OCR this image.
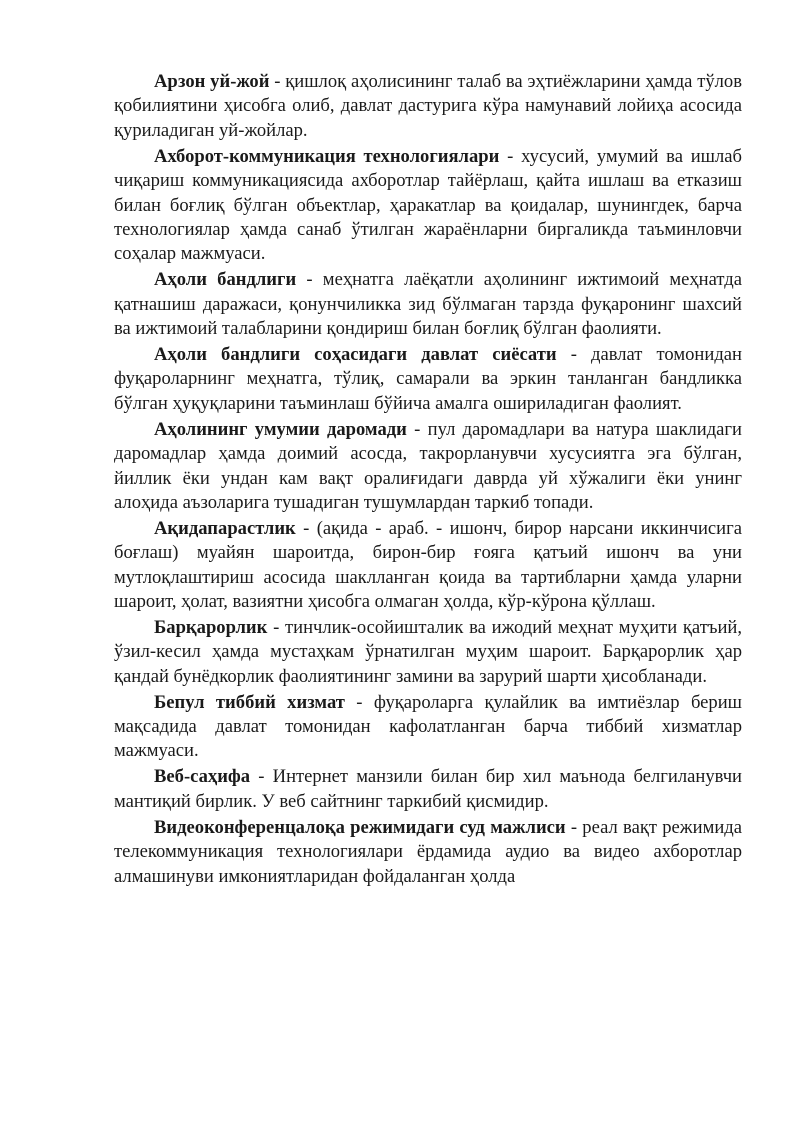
Арзон уй-жой - қишлоқ аҳолисининг талаб ва эҳтиёжларини ҳамда тўлов қобилиятини ҳисобга олиб, давлат дастурига кўра намунавий лойиҳа асосида қуриладиган уй-жойлар.

Ахборот-коммуникация технологиялари - хусусий, умумий ва ишлаб чиқариш коммуникациясида ахборотлар тайёрлаш, қайта ишлаш ва етказиш билан боғлиқ бўлган объектлар, ҳаракатлар ва қоидалар, шунингдек, барча технологиялар ҳамда санаб ўтилган жараёнларни биргаликда таъминловчи соҳалар мажмуаси.

Аҳоли бандлиги - меҳнатга лаёқатли аҳолининг ижтимоий меҳнатда қатнашиш даражаси, қонунчиликка зид бўлмаган тарзда фуқаронинг шахсий ва ижтимоий талабларини қондириш билан боғлиқ бўлган фаолияти.

Аҳоли бандлиги соҳасидаги давлат сиёсати - давлат томонидан фуқароларнинг меҳнатга, тўлиқ, самарали ва эркин танланган бандликка бўлган ҳуқуқларини таъминлаш бўйича амалга ошириладиган фаолият.

Аҳолининг умумии даромади - пул даромадлари ва натура шаклидаги даромадлар ҳамда доимий асосда, такрорланувчи хусусиятга эга бўлган, йиллик ёки ундан кам вақт оралиғидаги даврда уй хўжалиги ёки унинг алоҳида аъзоларига тушадиган тушумлардан таркиб топади.

Ақидапарастлик - (ақида - араб. - ишонч, бирор нарсани иккинчисига боғлаш) муайян шароитда, бирон-бир ғояга қатъий ишонч ва уни мутлоқлаштириш асосида шаклланган қоида ва тартибларни ҳамда уларни шароит, ҳолат, вазиятни ҳисобга олмаган ҳолда, кўр-кўрона қўллаш.

Барқарорлик - тинчлик-осойишталик ва ижодий меҳнат муҳити қатъий, ўзил-кесил ҳамда мустаҳкам ўрнатилган муҳим шароит. Барқарорлик ҳар қандай бунёдкорлик фаолиятининг замини ва зарурий шарти ҳисобланади.

Бепул тиббий хизмат - фуқароларга қулайлик ва имтиёзлар бериш мақсадида давлат томонидан кафолатланган барча тиббий хизматлар мажмуаси.

Веб-саҳифа - Интернет манзили билан бир хил маънода белгиланувчи мантиқий бирлик. У веб сайтнинг таркибий қисмидир.

Видеоконференцалоқа режимидаги суд мажлиси - реал вақт режимида телекоммуникация технологиялари ёрдамида аудио ва видео ахборотлар алмашинуви имкониятларидан фойдаланган ҳолда
